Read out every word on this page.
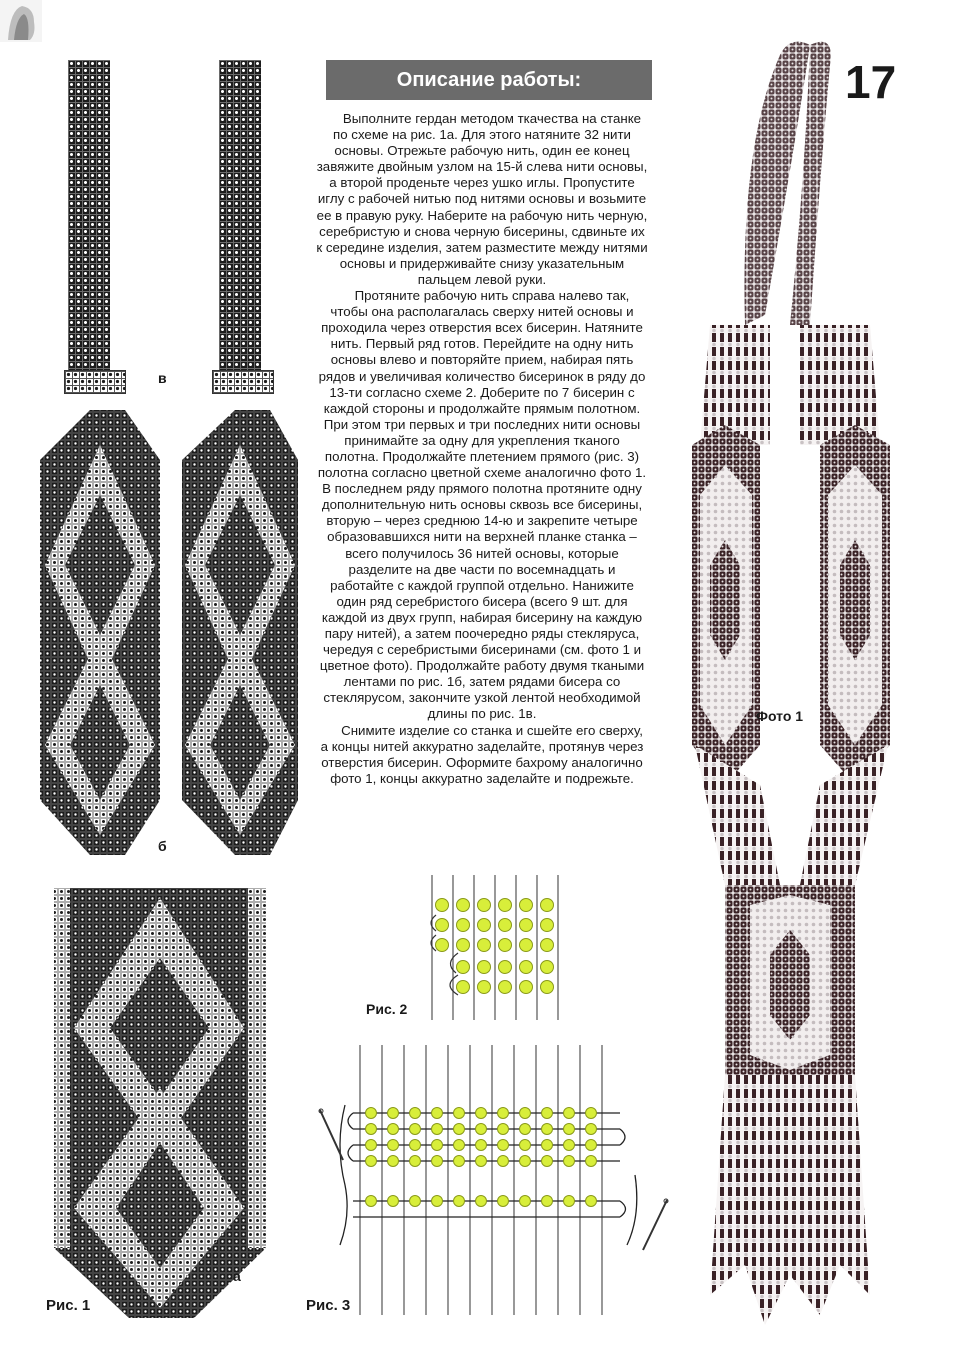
в
б
а
Рис. 1
Описание работы:

Выполните гердан методом ткачества на станке по схеме на рис. 1а. Для этого натяните 32 нити основы. Отрежьте рабочую нить, один ее конец завяжите двойным узлом на 15-й слева нити основы, а второй проденьте через ушко иглы. Пропустите иглу с рабочей нитью под нитями основы и возьмите ее в правую руку. Наберите на рабочую нить черную, серебристую и снова черную бисерины, сдвиньте их к середине изделия, затем разместите между нитями основы и придерживайте снизу указательным пальцем левой руки.

Протяните рабочую нить справа налево так, чтобы она располагалась сверху нитей основы и проходила через отверстия всех бисерин. Натяните нить. Первый ряд готов. Перейдите на одну нить основы влево и повторяйте прием, набирая пять рядов и увеличивая количество бисеринок в ряду до 13-ти согласно схеме 2. Доберите по 7 бисерин с каждой стороны и продолжайте прямым полотном. При этом три первых и три последних нити основы принимайте за одну для укрепления тканого полотна. Продолжайте плетением прямого (рис. 3) полотна согласно цветной схеме аналогично фото 1. В последнем ряду прямого полотна протяните одну дополнительную нить основы сквозь все бисерины, вторую – через среднюю 14-ю и закрепите четыре образовавшихся нити на верхней планке станка – всего получилось 36 нитей основы, которые разделите на две части по восемнадцать и работайте с каждой группой отдельно. Нанижите один ряд серебристого бисера (всего 9 шт. для каждой из двух групп, набирая бисерину на каждую пару нитей), а затем поочередно ряды стекляруса, чередуя с серебристыми бисеринами (см. фото 1 и цветное фото). Продолжайте работу двумя ткаными лентами по рис. 1б, затем рядами бисера со стеклярусом, закончите узкой лентой необходимой длины по рис. 1в.

Снимите изделие со станка и сшейте его сверху, а концы нитей аккуратно заделайте, протянув через отверстия бисерин. Оформите бахрому аналогично фото 1, концы аккуратно заделайте и подрежьте.

Рис. 2
Рис. 3
17
Фото 1
